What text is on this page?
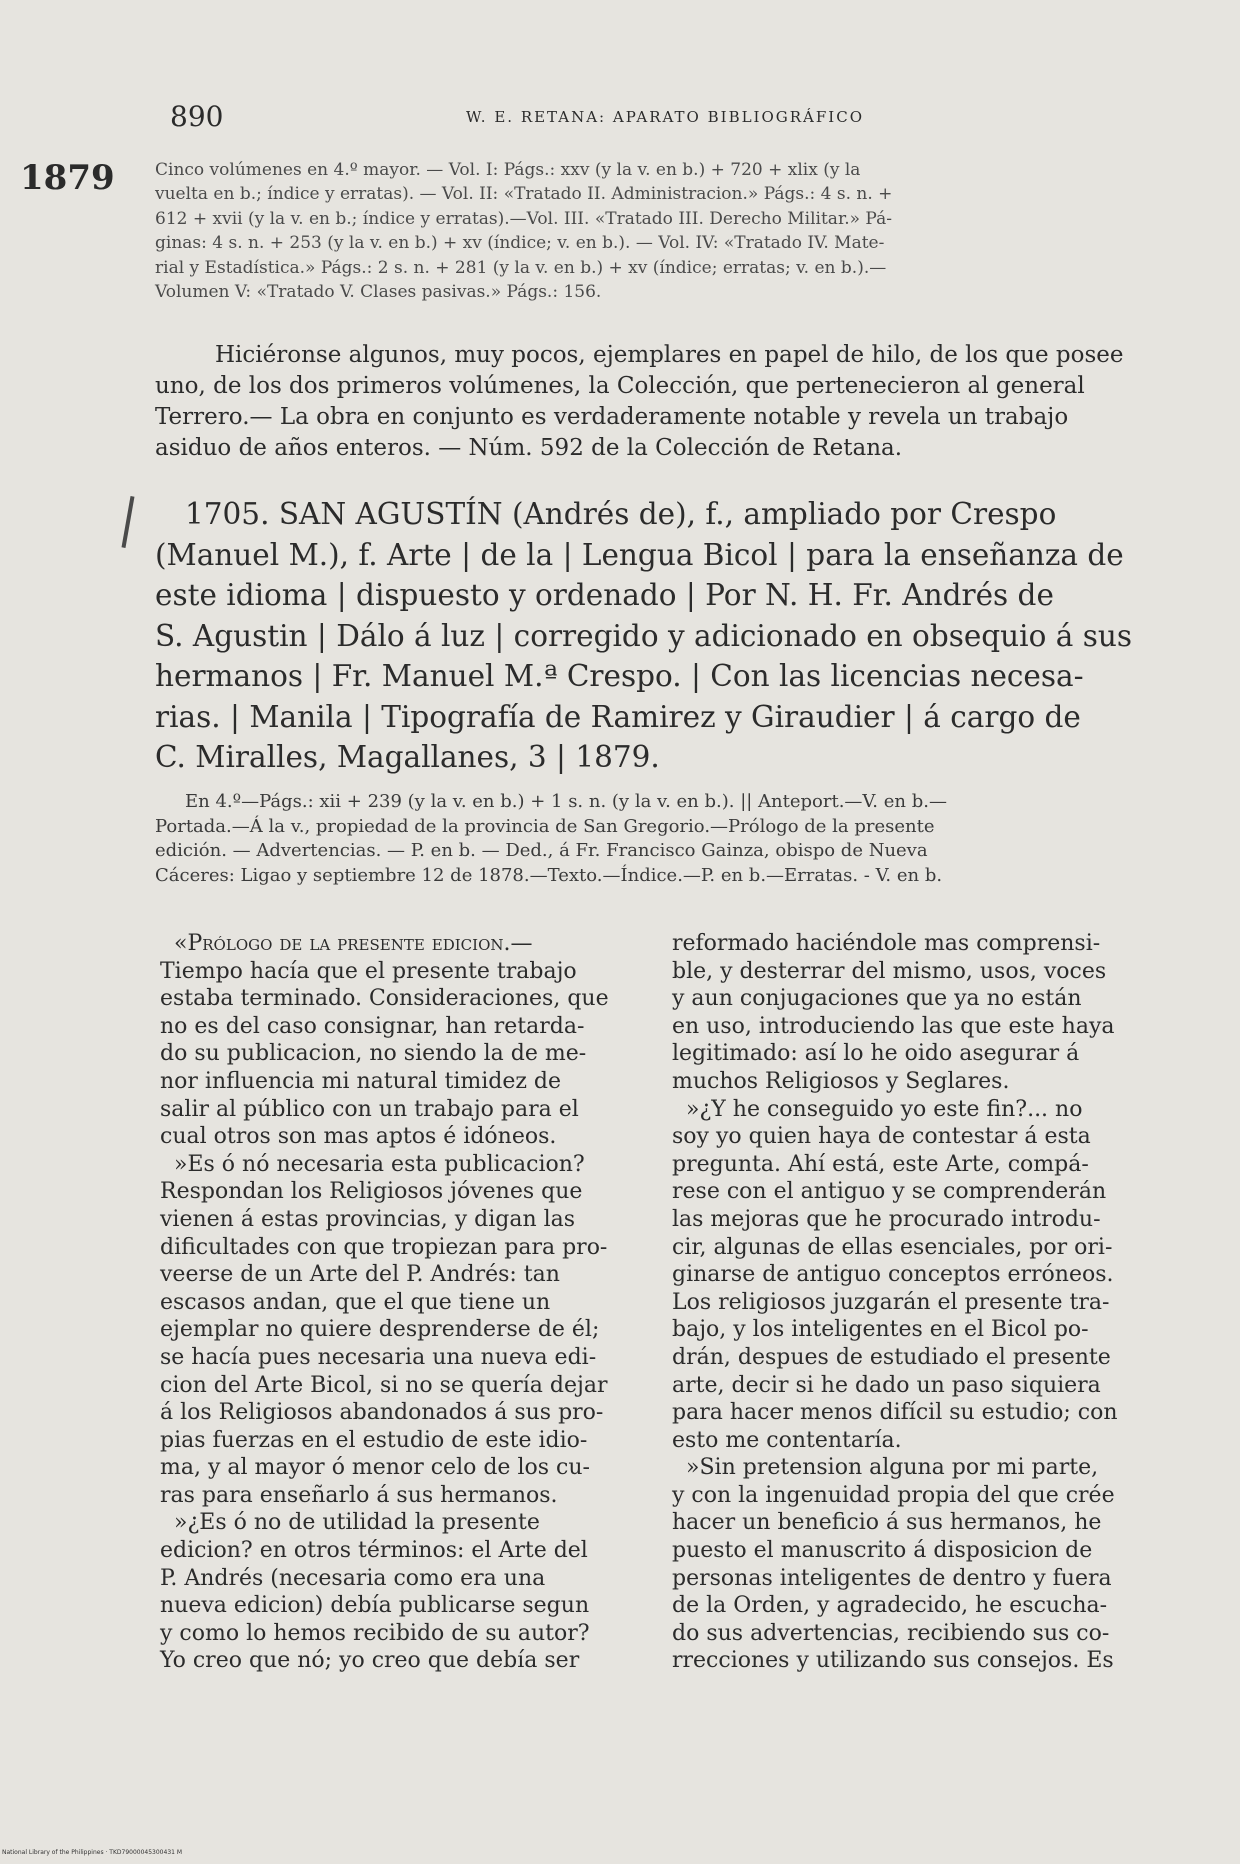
890	W. E. RETANA: APARATO BIBLIOGRÁFICO
1879 Cinco volúmenes en 4.º mayor. — Vol. I: Págs.: xxv (y la v. en b.) + 720 + xlix (y la
vuelta en b.; índice y erratas). — Vol. II: «Tratado II. Administracion.» Págs.: 4 s. n. +
612 + xvii (y la v. en b.; índice y erratas).—Vol. III. «Tratado III. Derecho Militar.» Pá-
ginas: 4 s. n. + 253 (y la v. en b.) + xv (índice; v. en b.). — Vol. IV: «Tratado IV. Mate-
rial y Estadística.» Págs.: 2 s. n. + 281 (y la v. en b.) + xv (índice; erratas; v. en b.).—
Volumen V: «Tratado V. Clases pasivas.» Págs.: 156.
Hiciéronse algunos, muy pocos, ejemplares en papel de hilo, de los que posee
uno, de los dos primeros volúmenes, la Colección, que pertenecieron al general
Terrero.— La obra en conjunto es verdaderamente notable y revela un trabajo
asiduo de años enteros. — Núm. 592 de la Colección de Retana.
1705. SAN AGUSTÍN (Andrés de), f., ampliado por Crespo
(Manuel M.), f. Arte | de la | Lengua Bicol | para la enseñanza de
este idioma | dispuesto y ordenado | Por N. H. Fr. Andrés de
S. Agustin | Dálo á luz | corregido y adicionado en obsequio á sus
hermanos | Fr. Manuel M.ª Crespo. | Con las licencias necesa-
rias. | Manila | Tipografía de Ramirez y Giraudier | á cargo de
C. Miralles, Magallanes, 3 | 1879.
En 4.º—Págs.: xii + 239 (y la v. en b.) + 1 s. n. (y la v. en b.). || Anteport.—V. en b.—
Portada.—Á la v., propiedad de la provincia de San Gregorio.—Prólogo de la presente
edición. — Advertencias. — P. en b. — Ded., á Fr. Francisco Gainza, obispo de Nueva
Cáceres: Ligao y septiembre 12 de 1878.—Texto.—Índice.—P. en b.—Erratas. - V. en b.
«Prólogo de la presente edicion.—
Tiempo hacía que el presente trabajo
estaba terminado. Consideraciones, que
no es del caso consignar, han retarda-
do su publicacion, no siendo la de me-
nor influencia mi natural timidez de
salir al público con un trabajo para el
cual otros son mas aptos é idóneos.
»Es ó nó necesaria esta publicacion?
Respondan los Religiosos jóvenes que
vienen á estas provincias, y digan las
dificultades con que tropiezan para pro-
veerse de un Arte del P. Andrés: tan
escasos andan, que el que tiene un
ejemplar no quiere desprenderse de él;
se hacía pues necesaria una nueva edi-
cion del Arte Bicol, si no se quería dejar
á los Religiosos abandonados á sus pro-
pias fuerzas en el estudio de este idio-
ma, y al mayor ó menor celo de los cu-
ras para enseñarlo á sus hermanos.
»¿Es ó no de utilidad la presente
edicion? en otros términos: el Arte del
P. Andrés (necesaria como era una
nueva edicion) debía publicarse segun
y como lo hemos recibido de su autor?
Yo creo que nó; yo creo que debía ser
reformado haciéndole mas comprensi-
ble, y desterrar del mismo, usos, voces
y aun conjugaciones que ya no están
en uso, introduciendo las que este haya
legitimado: así lo he oido asegurar á
muchos Religiosos y Seglares.
»¿Y he conseguido yo este fin?... no
soy yo quien haya de contestar á esta
pregunta. Ahí está, este Arte, compá-
rese con el antiguo y se comprenderán
las mejoras que he procurado introdu-
cir, algunas de ellas esenciales, por ori-
ginarse de antiguo conceptos erróneos.
Los religiosos juzgarán el presente tra-
bajo, y los inteligentes en el Bicol po-
drán, despues de estudiado el presente
arte, decir si he dado un paso siquiera
para hacer menos difícil su estudio; con
esto me contentaría.
»Sin pretension alguna por mi parte,
y con la ingenuidad propia del que crée
hacer un beneficio á sus hermanos, he
puesto el manuscrito á disposicion de
personas inteligentes de dentro y fuera
de la Orden, y agradecido, he escucha-
do sus advertencias, recibiendo sus co-
rrecciones y utilizando sus consejos. Es
National Library of the Philippines · TKD79000045300431 M
